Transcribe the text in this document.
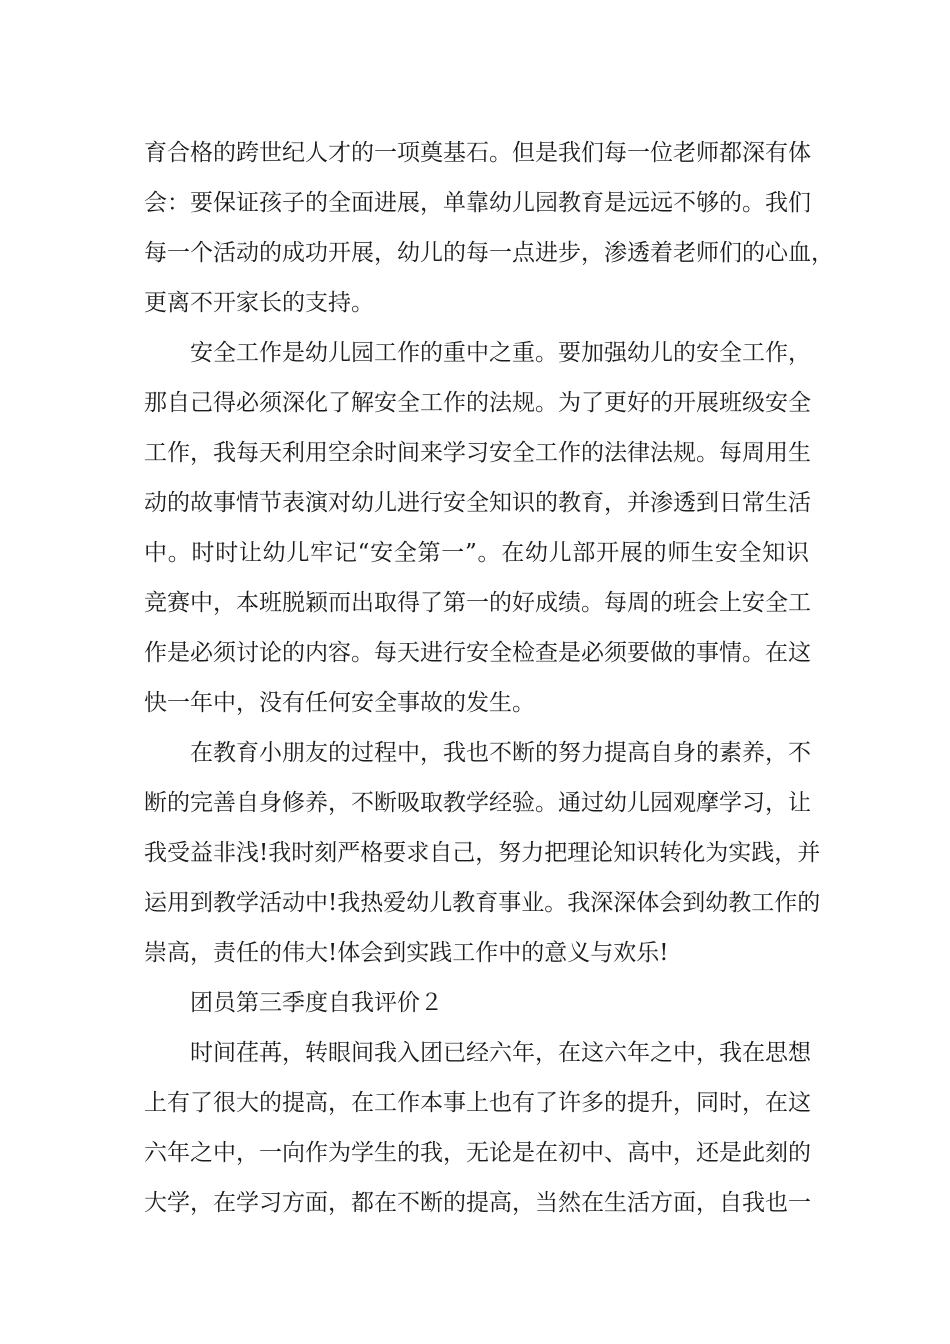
育合格的跨世纪人才的一项奠基石。但是我们每一位老师都深有体
会：要保证孩子的全面进展，单靠幼儿园教育是远远不够的。我们
每一个活动的成功开展，幼儿的每一点进步，渗透着老师们的心血，
更离不开家长的支持。
安全工作是幼儿园工作的重中之重。要加强幼儿的安全工作，
那自己得必须深化了解安全工作的法规。为了更好的开展班级安全
工作，我每天利用空余时间来学习安全工作的法律法规。每周用生
动的故事情节表演对幼儿进行安全知识的教育，并渗透到日常生活
中。时时让幼儿牢记“安全第一”。在幼儿部开展的师生安全知识
竞赛中，本班脱颖而出取得了第一的好成绩。每周的班会上安全工
作是必须讨论的内容。每天进行安全检查是必须要做的事情。在这
快一年中，没有任何安全事故的发生。
在教育小朋友的过程中，我也不断的努力提高自身的素养，不
断的完善自身修养，不断吸取教学经验。通过幼儿园观摩学习，让
我受益非浅!我时刻严格要求自己，努力把理论知识转化为实践，并
运用到教学活动中!我热爱幼儿教育事业。我深深体会到幼教工作的
崇高，责任的伟大!体会到实践工作中的意义与欢乐!
团员第三季度自我评价２
时间荏苒，转眼间我入团已经六年，在这六年之中，我在思想
上有了很大的提高，在工作本事上也有了许多的提升，同时，在这
六年之中，一向作为学生的我，无论是在初中、高中，还是此刻的
大学，在学习方面，都在不断的提高，当然在生活方面，自我也一
